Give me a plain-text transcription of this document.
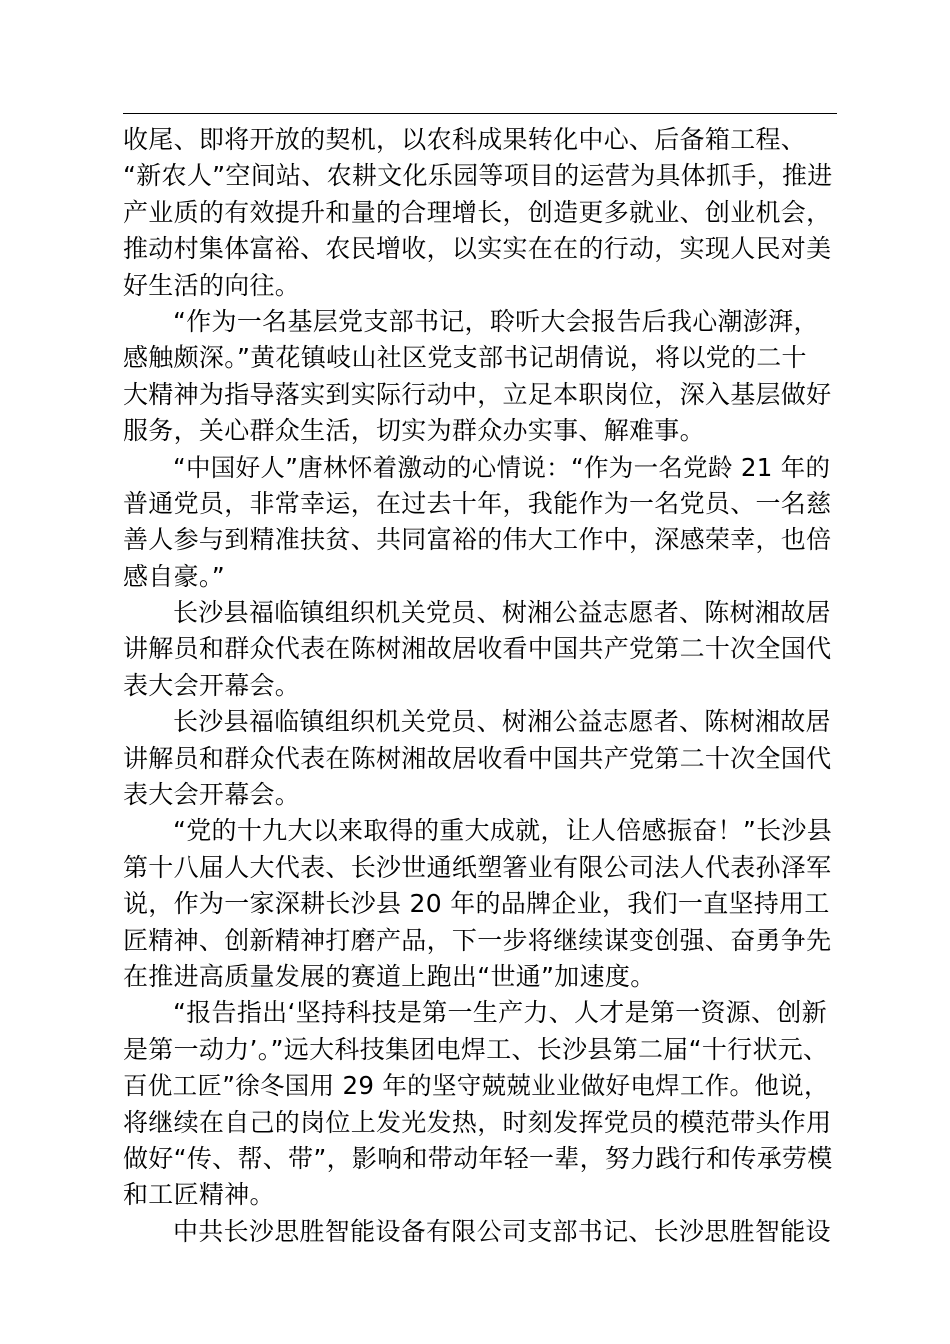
收尾、即将开放的契机，以农科成果转化中心、后备箱工程、
“新农人”空间站、农耕文化乐园等项目的运营为具体抓手，推进
产业质的有效提升和量的合理增长，创造更多就业、创业机会，
推动村集体富裕、农民增收，以实实在在的行动，实现人民对美
好生活的向往。
“作为一名基层党支部书记，聆听大会报告后我心潮澎湃，
感触颇深。”黄花镇岐山社区党支部书记胡倩说，将以党的二十
大精神为指导落实到实际行动中，立足本职岗位，深入基层做好
服务，关心群众生活，切实为群众办实事、解难事。
“中国好人”唐林怀着激动的心情说：“作为一名党龄 21 年的
普通党员，非常幸运，在过去十年，我能作为一名党员、一名慈
善人参与到精准扶贫、共同富裕的伟大工作中，深感荣幸，也倍
感自豪。”
长沙县福临镇组织机关党员、树湘公益志愿者、陈树湘故居
讲解员和群众代表在陈树湘故居收看中国共产党第二十次全国代
表大会开幕会。
长沙县福临镇组织机关党员、树湘公益志愿者、陈树湘故居
讲解员和群众代表在陈树湘故居收看中国共产党第二十次全国代
表大会开幕会。
“党的十九大以来取得的重大成就，让人倍感振奋！”长沙县
第十八届人大代表、长沙世通纸塑箸业有限公司法人代表孙泽军
说，作为一家深耕长沙县 20 年的品牌企业，我们一直坚持用工
匠精神、创新精神打磨产品，下一步将继续谋变创强、奋勇争先
在推进高质量发展的赛道上跑出“世通”加速度。
“报告指出‘坚持科技是第一生产力、人才是第一资源、创新
是第一动力’。”远大科技集团电焊工、长沙县第二届“十行状元、
百优工匠”徐冬国用 29 年的坚守兢兢业业做好电焊工作。他说，
将继续在自己的岗位上发光发热，时刻发挥党员的模范带头作用
做好“传、帮、带”，影响和带动年轻一辈，努力践行和传承劳模
和工匠精神。
中共长沙思胜智能设备有限公司支部书记、长沙思胜智能设
